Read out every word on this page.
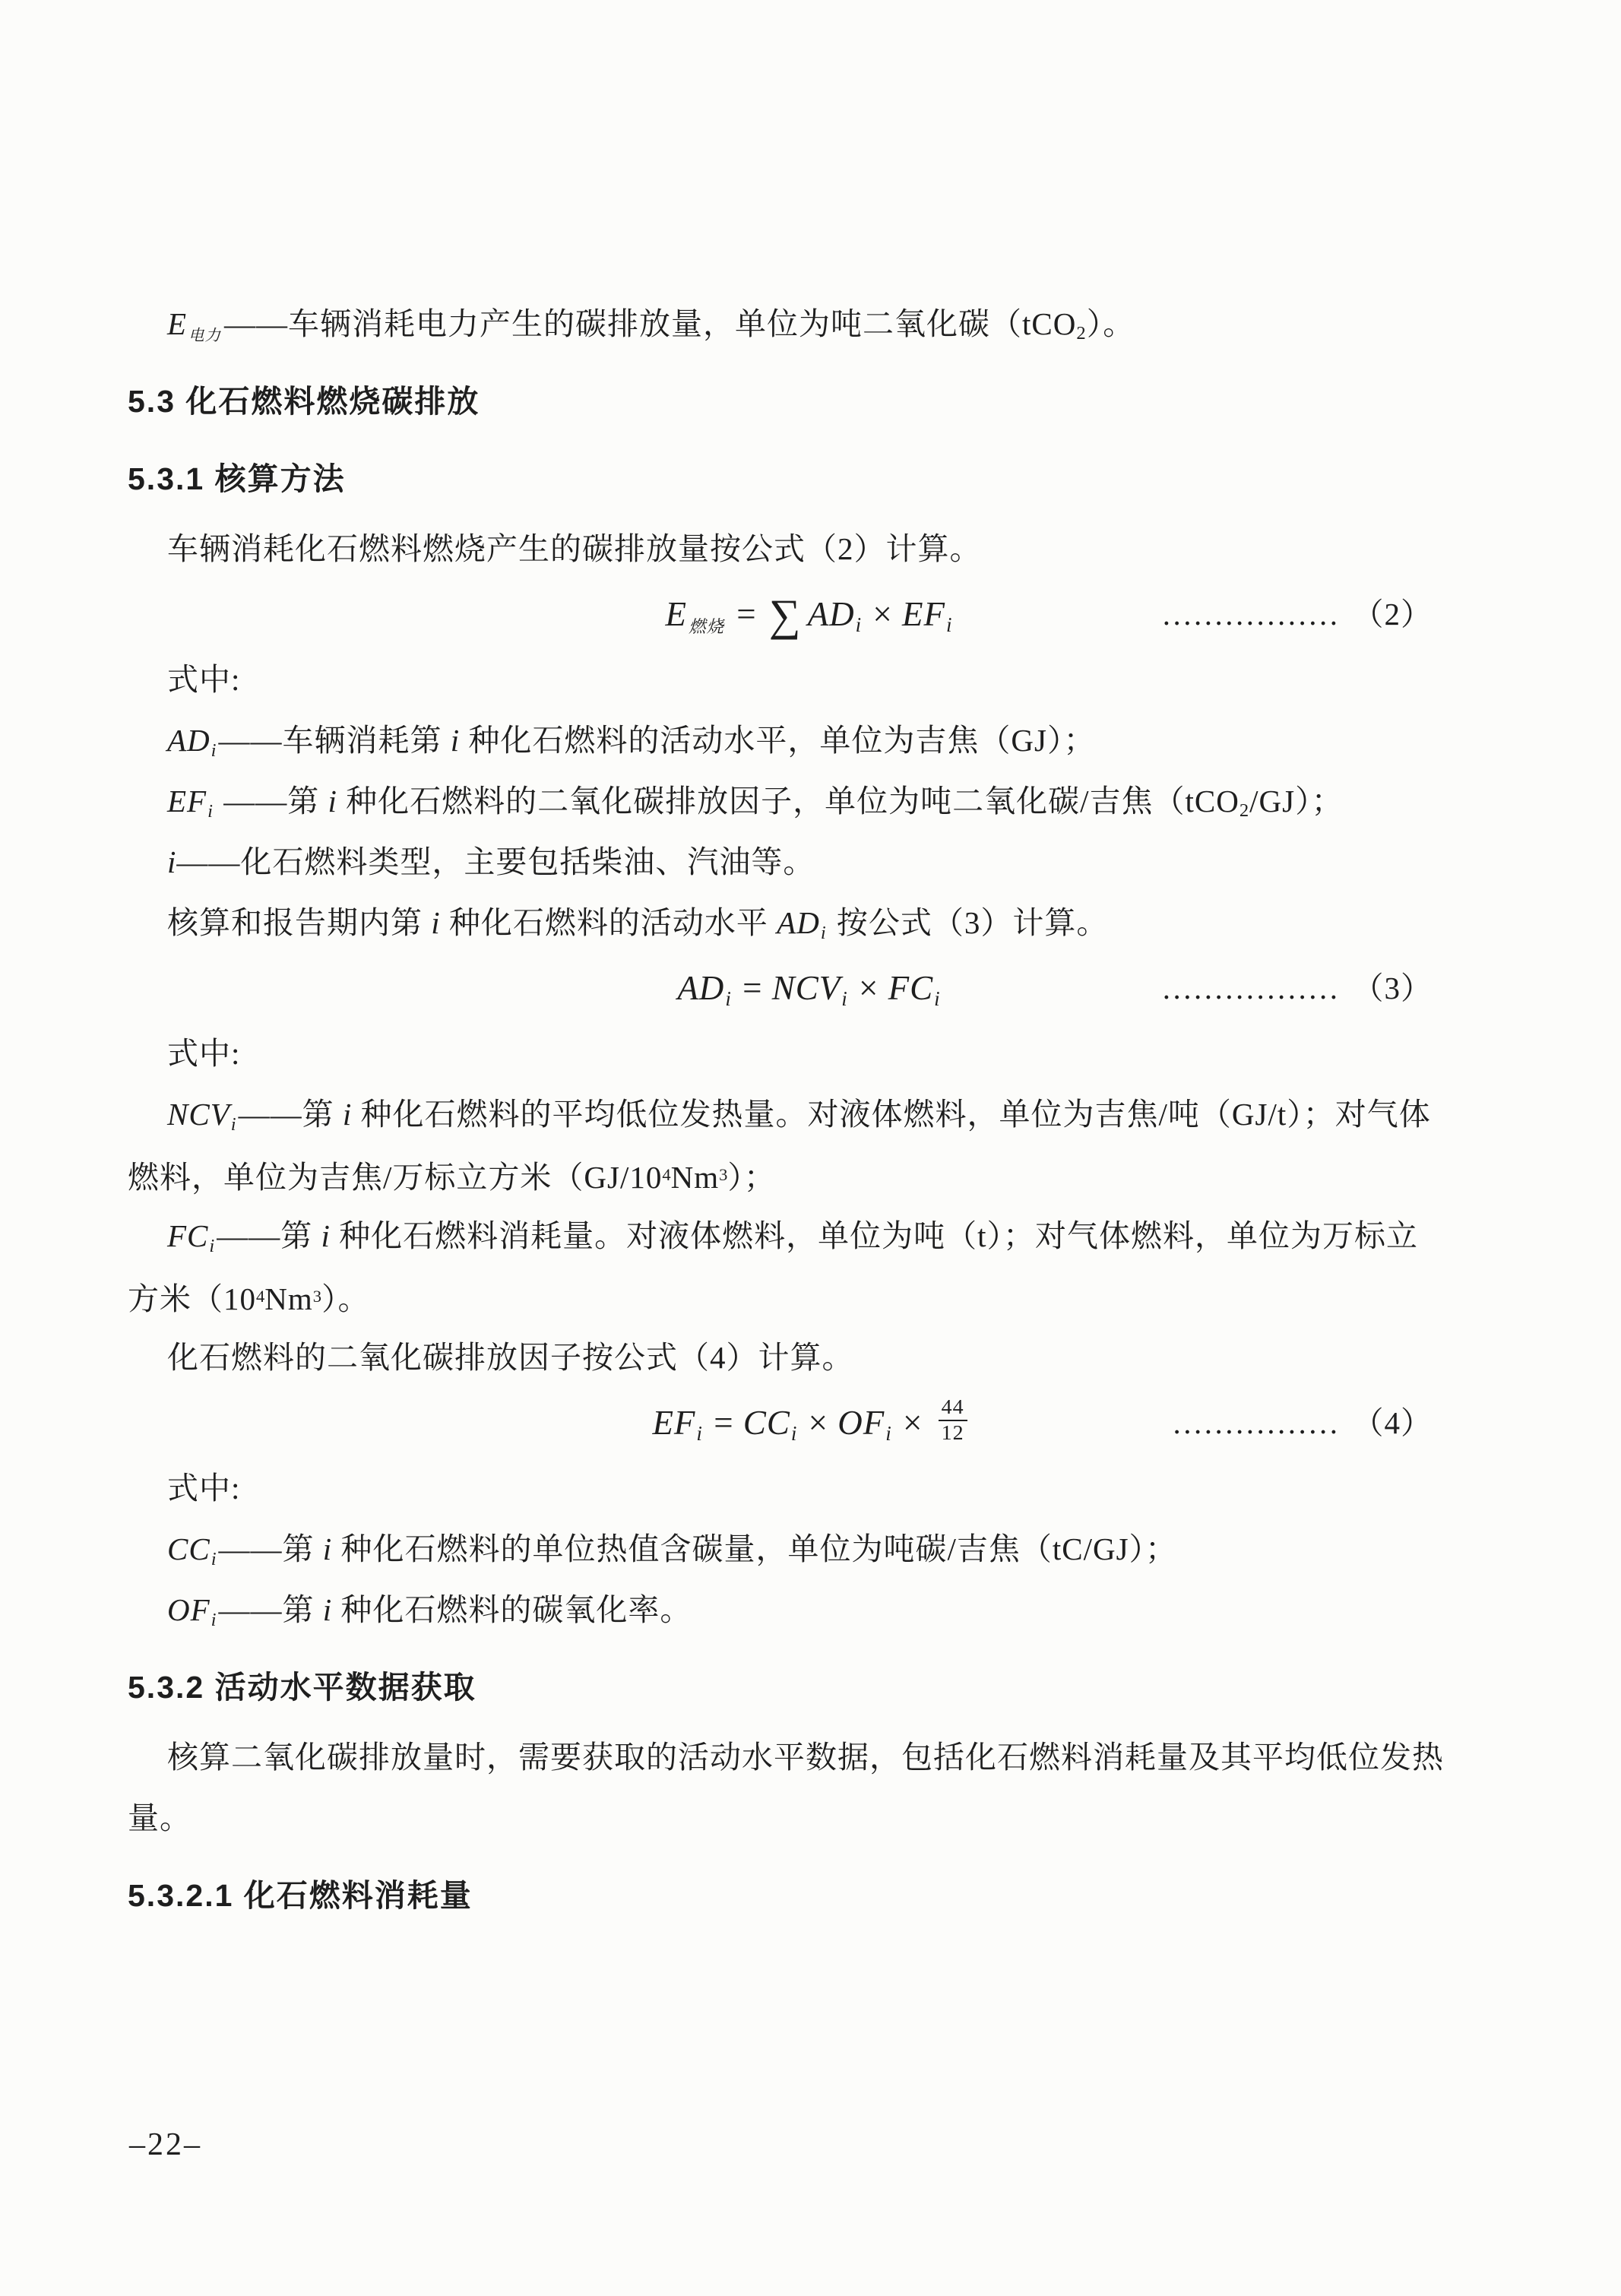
E电力——车辆消耗电力产生的碳排放量，单位为吨二氧化碳（tCO2）。
5.3 化石燃料燃烧碳排放
5.3.1 核算方法
车辆消耗化石燃料燃烧产生的碳排放量按公式（2）计算。
$E_{燃烧}$ = ∑ ADi × EFi	................. （2）
式中:
ADi——车辆消耗第 i 种化石燃料的活动水平，单位为吉焦（GJ）；
EFi ——第 i 种化石燃料的二氧化碳排放因子，单位为吨二氧化碳/吉焦（tCO2/GJ）；
i——化石燃料类型，主要包括柴油、汽油等。
核算和报告期内第 i 种化石燃料的活动水平 ADi 按公式（3）计算。
ADi = NCVi × FCi	................. （3）
式中:
NCVi——第 i 种化石燃料的平均低位发热量。对液体燃料，单位为吉焦/吨（GJ/t）；对气体
燃料，单位为吉焦/万标立方米$(GJ/10^4Nm^3)$；
FCi——第 i 种化石燃料消耗量。对液体燃料，单位为吨（t）；对气体燃料，单位为万标立
方米$(10^4Nm^3)$。
化石燃料的二氧化碳排放因子按公式（4）计算。
EFi = CCi × OFi × $\frac{44}{12}$	................ （4）
式中:
CCi——第 i 种化石燃料的单位热值含碳量，单位为吨碳/吉焦（tC/GJ）；
OFi——第 i 种化石燃料的碳氧化率。
5.3.2 活动水平数据获取
核算二氧化碳排放量时，需要获取的活动水平数据，包括化石燃料消耗量及其平均低位发热
量。
5.3.2.1 化石燃料消耗量
–22–
